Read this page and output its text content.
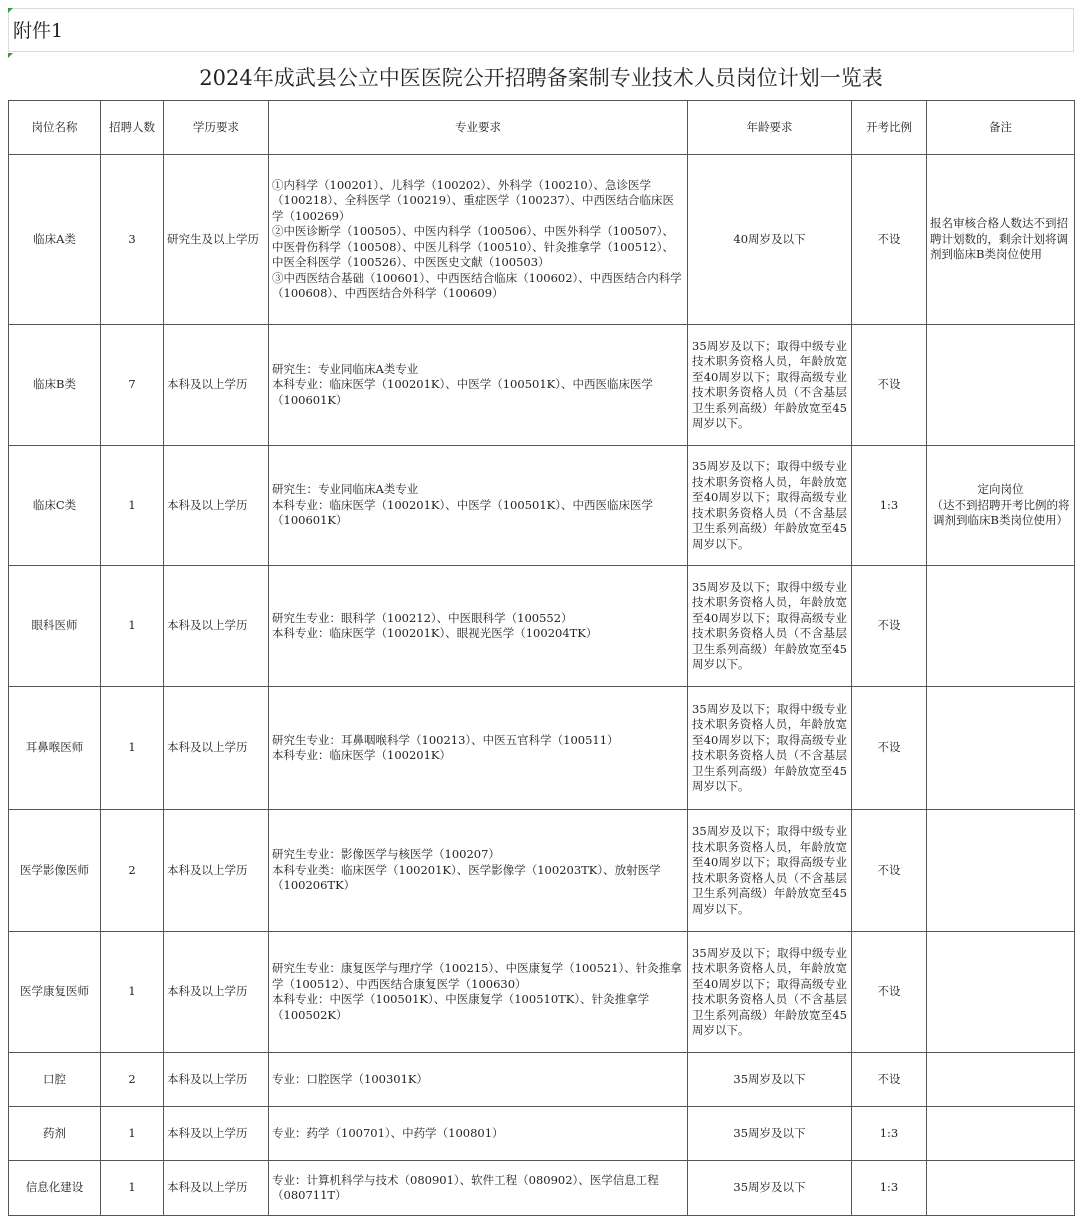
附件1
2024年成武县公立中医医院公开招聘备案制专业技术人员岗位计划一览表
岗位名称	招聘人数	学历要求	专业要求	年龄要求	开考比例	备注
临床A类	3	研究生及以上学历	①内科学（100201）、儿科学（100202）、外科学（100210）、急诊医学（100218）、全科医学（100219）、重症医学（100237）、中西医结合临床医学（100269）
②中医诊断学（100505）、中医内科学（100506）、中医外科学（100507）、中医骨伤科学（100508）、中医儿科学（100510）、针灸推拿学（100512）、中医全科医学（100526）、中医医史文献（100503）
③中西医结合基础（100601）、中西医结合临床（100602）、中西医结合内科学（100608）、中西医结合外科学（100609）	40周岁及以下	不设	报名审核合格人数达不到招聘计划数的，剩余计划将调剂到临床B类岗位使用
临床B类	7	本科及以上学历	研究生：专业同临床A类专业
本科专业：临床医学（100201K）、中医学（100501K）、中西医临床医学（100601K）	35周岁及以下；取得中级专业技术职务资格人员，年龄放宽至40周岁以下；取得高级专业技术职务资格人员（不含基层卫生系列高级）年龄放宽至45周岁以下。	不设	
临床C类	1	本科及以上学历	研究生：专业同临床A类专业
本科专业：临床医学（100201K）、中医学（100501K）、中西医临床医学（100601K）	35周岁及以下；取得中级专业技术职务资格人员，年龄放宽至40周岁以下；取得高级专业技术职务资格人员（不含基层卫生系列高级）年龄放宽至45周岁以下。	1:3	定向岗位
（达不到招聘开考比例的将调剂到临床B类岗位使用）
眼科医师	1	本科及以上学历	研究生专业：眼科学（100212）、中医眼科学（100552）
本科专业：临床医学（100201K）、眼视光医学（100204TK）	35周岁及以下；取得中级专业技术职务资格人员，年龄放宽至40周岁以下；取得高级专业技术职务资格人员（不含基层卫生系列高级）年龄放宽至45周岁以下。	不设	
耳鼻喉医师	1	本科及以上学历	研究生专业：耳鼻咽喉科学（100213）、中医五官科学（100511）
本科专业：临床医学（100201K）	35周岁及以下；取得中级专业技术职务资格人员，年龄放宽至40周岁以下；取得高级专业技术职务资格人员（不含基层卫生系列高级）年龄放宽至45周岁以下。	不设	
医学影像医师	2	本科及以上学历	研究生专业：影像医学与核医学（100207）
本科专业类：临床医学（100201K）、医学影像学（100203TK）、放射医学（100206TK）	35周岁及以下；取得中级专业技术职务资格人员，年龄放宽至40周岁以下；取得高级专业技术职务资格人员（不含基层卫生系列高级）年龄放宽至45周岁以下。	不设	
医学康复医师	1	本科及以上学历	研究生专业：康复医学与理疗学（100215）、中医康复学（100521）、针灸推拿学（100512）、中西医结合康复医学（100630）
本科专业：中医学（100501K）、中医康复学（100510TK）、针灸推拿学（100502K）	35周岁及以下；取得中级专业技术职务资格人员，年龄放宽至40周岁以下；取得高级专业技术职务资格人员（不含基层卫生系列高级）年龄放宽至45周岁以下。	不设	
口腔	2	本科及以上学历	专业：口腔医学（100301K）	35周岁及以下	不设	
药剂	1	本科及以上学历	专业：药学（100701）、中药学（100801）	35周岁及以下	1:3	
信息化建设	1	本科及以上学历	专业：计算机科学与技术（080901）、软件工程（080902）、医学信息工程（080711T）	35周岁及以下	1:3	
